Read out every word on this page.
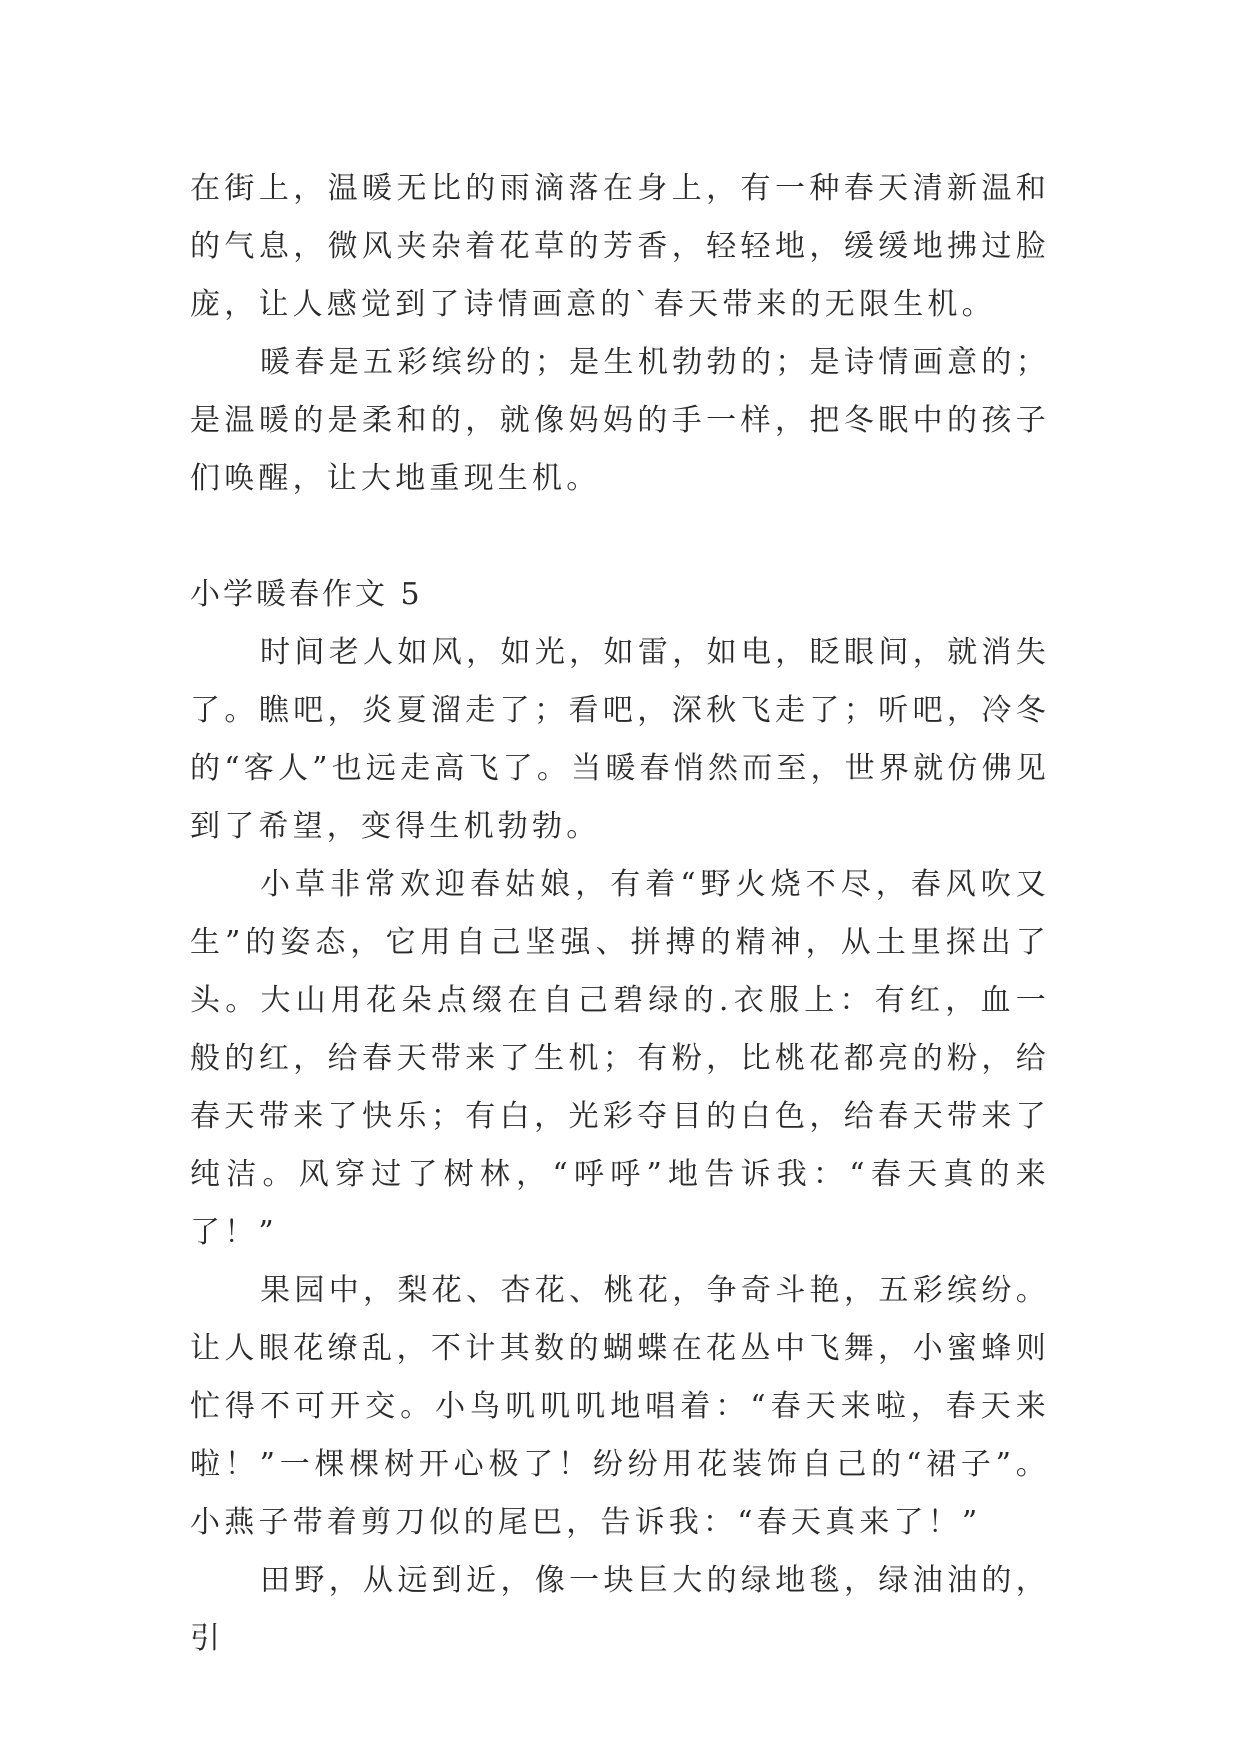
在街上，温暖无比的雨滴落在身上，有一种春天清新温和的气息，微风夹杂着花草的芳香，轻轻地，缓缓地拂过脸庞，让人感觉到了诗情画意的`春天带来的无限生机。

暖春是五彩缤纷的；是生机勃勃的；是诗情画意的；是温暖的是柔和的，就像妈妈的手一样，把冬眠中的孩子们唤醒，让大地重现生机。

小学暖春作文 5

时间老人如风，如光，如雷，如电，眨眼间，就消失了。瞧吧，炎夏溜走了；看吧，深秋飞走了；听吧，冷冬的“客人”也远走高飞了。当暖春悄然而至，世界就仿佛见到了希望，变得生机勃勃。

小草非常欢迎春姑娘，有着“野火烧不尽，春风吹又生”的姿态，它用自己坚强、拼搏的精神，从土里探出了头。大山用花朵点缀在自己碧绿的.衣服上：有红，血一般的红，给春天带来了生机；有粉，比桃花都亮的粉，给春天带来了快乐；有白，光彩夺目的白色，给春天带来了纯洁。风穿过了树林，“呼呼”地告诉我：“春天真的来了！”

果园中，梨花、杏花、桃花，争奇斗艳，五彩缤纷。让人眼花缭乱，不计其数的蝴蝶在花丛中飞舞，小蜜蜂则忙得不可开交。小鸟叽叽叽地唱着：“春天来啦，春天来啦！”一棵棵树开心极了！纷纷用花装饰自己的“裙子”。小燕子带着剪刀似的尾巴，告诉我：“春天真来了！”

田野，从远到近，像一块巨大的绿地毯，绿油油的，引
